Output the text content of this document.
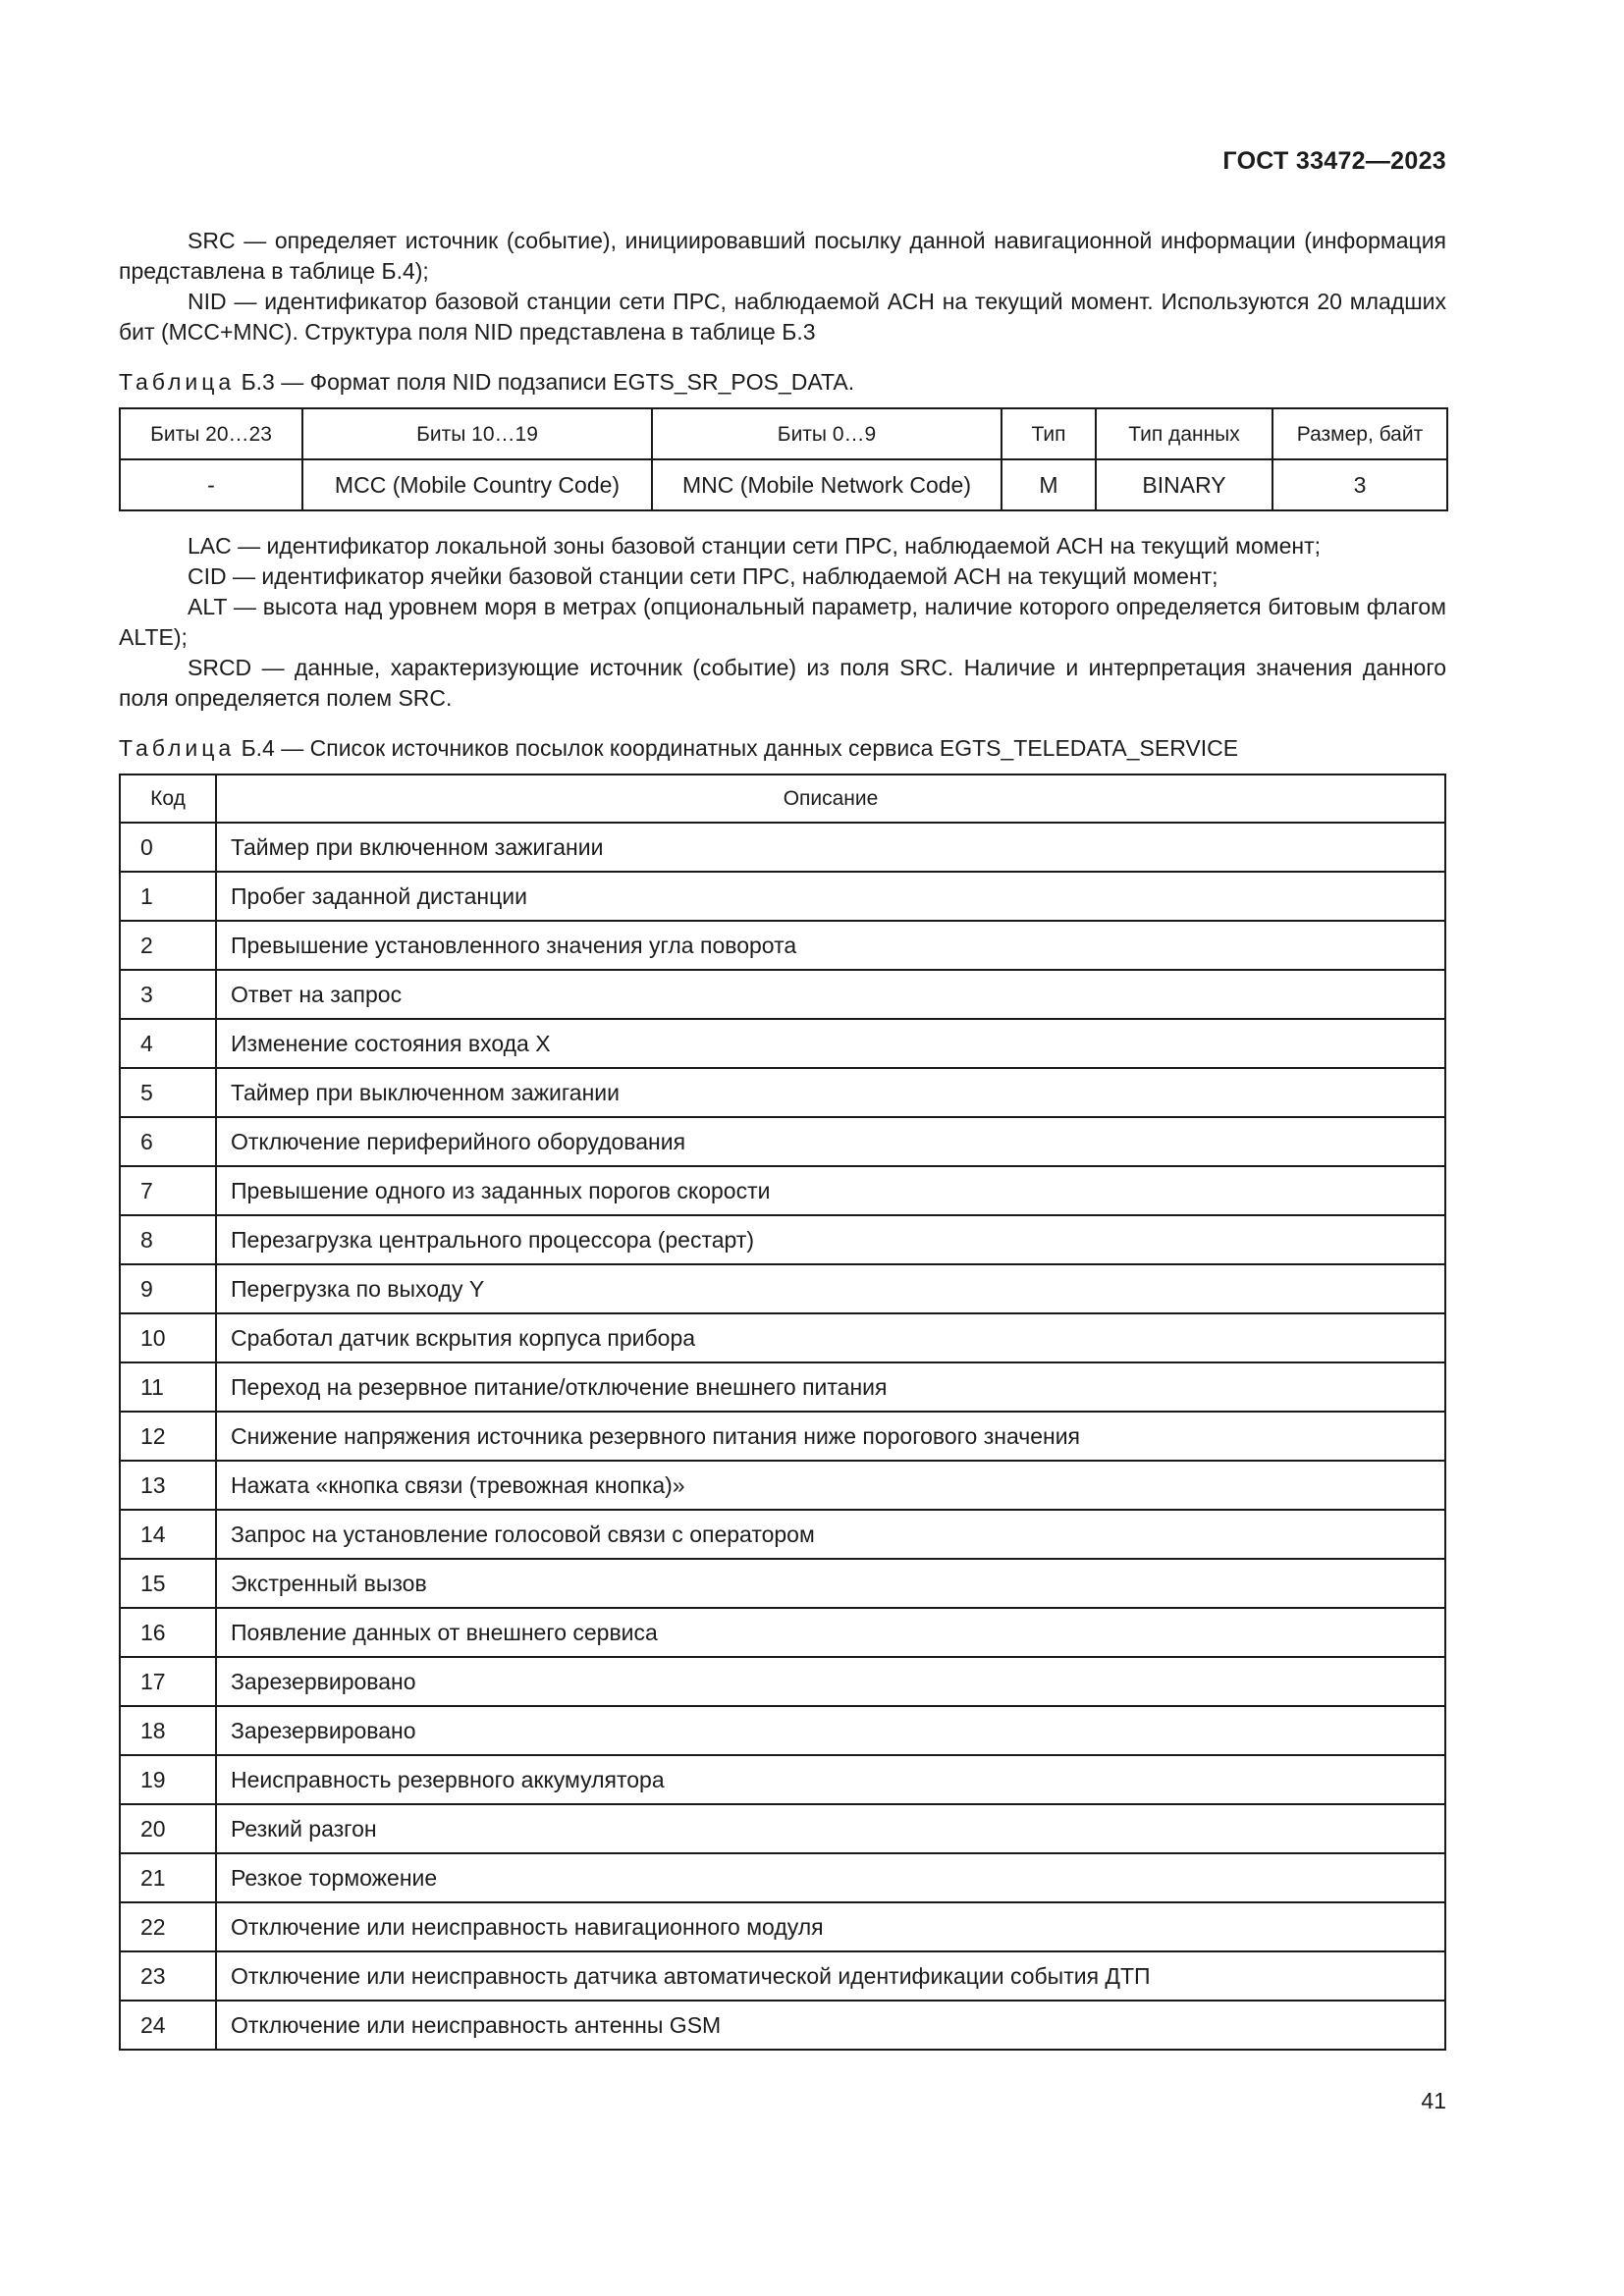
ГОСТ 33472—2023

SRC — определяет источник (событие), инициировавший посылку данной навигационной информации (информация представлена в таблице Б.4);

NID — идентификатор базовой станции сети ПРС, наблюдаемой АСН на текущий момент. Используются 20 младших бит (MCC+MNC). Структура поля NID представлена в таблице Б.3

Таблица Б.3 — Формат поля NID подзаписи EGTS_SR_POS_DATA.
Биты 20…23	Биты 10…19	Биты 0…9	Тип	Тип данных	Размер, байт
-	MCC (Mobile Country Code)	MNC (Mobile Network Code)	M	BINARY	3

LAC — идентификатор локальной зоны базовой станции сети ПРС, наблюдаемой АСН на текущий момент;

CID — идентификатор ячейки базовой станции сети ПРС, наблюдаемой АСН на текущий момент;

ALT — высота над уровнем моря в метрах (опциональный параметр, наличие которого определяется битовым флагом ALTE);

SRCD — данные, характеризующие источник (событие) из поля SRC. Наличие и интерпретация значения данного поля определяется полем SRC.

Таблица Б.4 — Список источников посылок координатных данных сервиса EGTS_TELEDATA_SERVICE
Код	Описание
0	Таймер при включенном зажигании
1	Пробег заданной дистанции
2	Превышение установленного значения угла поворота
3	Ответ на запрос
4	Изменение состояния входа X
5	Таймер при выключенном зажигании
6	Отключение периферийного оборудования
7	Превышение одного из заданных порогов скорости
8	Перезагрузка центрального процессора (рестарт)
9	Перегрузка по выходу Y
10	Сработал датчик вскрытия корпуса прибора
11	Переход на резервное питание/отключение внешнего питания
12	Снижение напряжения источника резервного питания ниже порогового значения
13	Нажата «кнопка связи (тревожная кнопка)»
14	Запрос на установление голосовой связи с оператором
15	Экстренный вызов
16	Появление данных от внешнего сервиса
17	Зарезервировано
18	Зарезервировано
19	Неисправность резервного аккумулятора
20	Резкий разгон
21	Резкое торможение
22	Отключение или неисправность навигационного модуля
23	Отключение или неисправность датчика автоматической идентификации события ДТП
24	Отключение или неисправность антенны GSM
41
